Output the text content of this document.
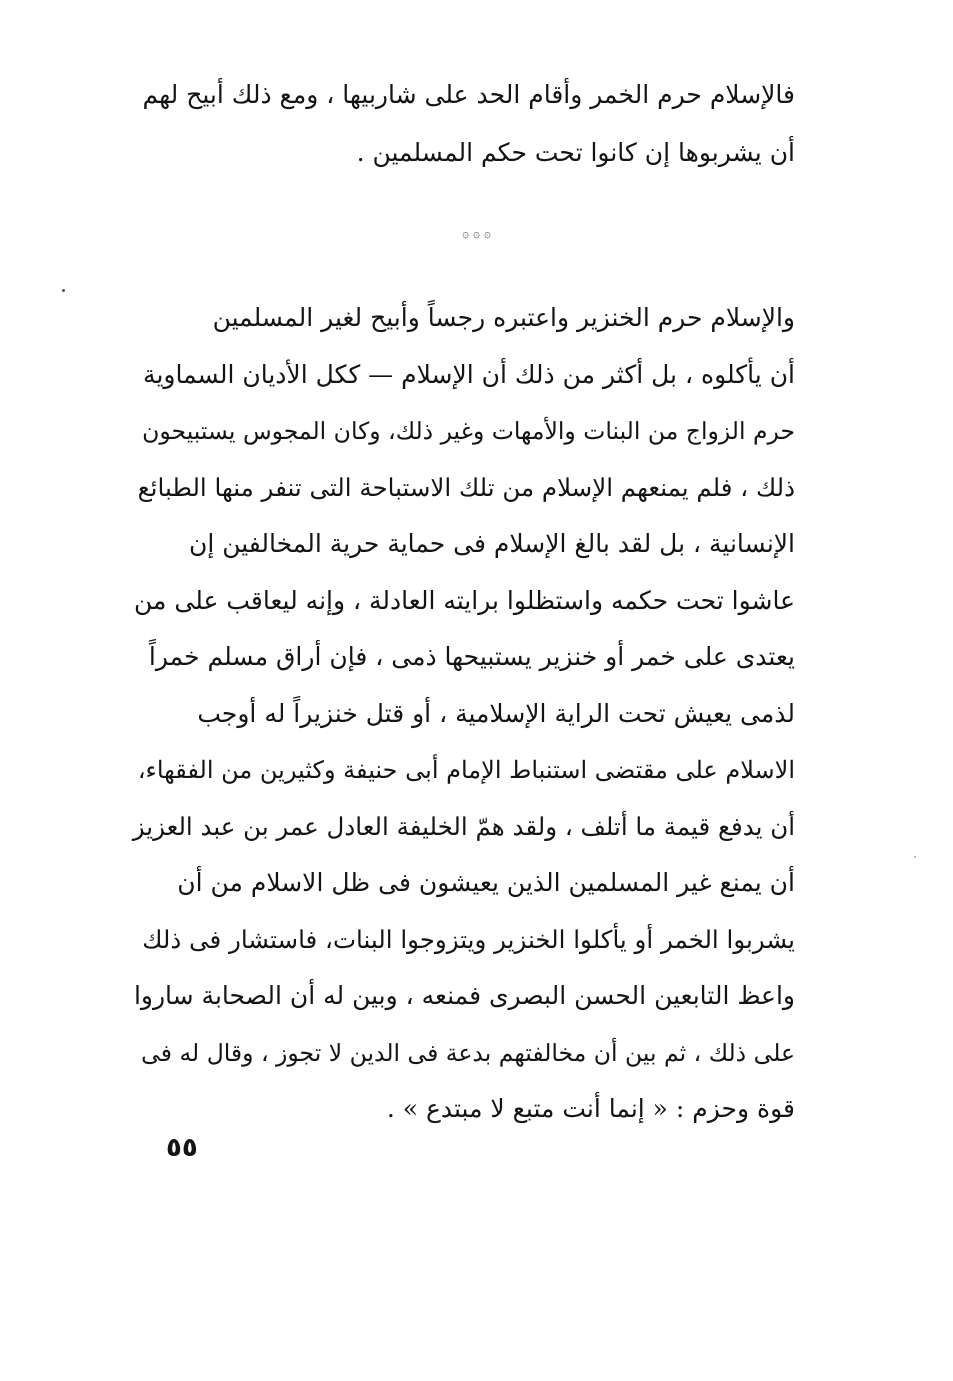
فالإسلام حرم الخمر وأقام الحد على شاربيها ، ومع ذلك أبيح لهم
أن يشربوها إن كانوا تحت حكم المسلمين .
۞ ۞ ۞
والإسلام حرم الخنزير واعتبره رجساً وأبيح لغير المسلمين
أن يأكلوه ، بل أكثر من ذلك أن الإسلام — ككل الأديان السماوية
حرم الزواج من البنات والأمهات وغير ذلك، وكان المجوس يستبيحون
ذلك ، فلم يمنعهم الإسلام من تلك الاستباحة التى تنفر منها الطبائع
الإنسانية ، بل لقد بالغ الإسلام فى حماية حرية المخالفين إن
عاشوا تحت حكمه واستظلوا برايته العادلة ، وإنه ليعاقب على من
يعتدى على خمر أو خنزير يستبيحها ذمى ، فإن أراق مسلم خمراً
لذمى يعيش تحت الراية الإسلامية ، أو قتل خنزيراً له أوجب
الاسلام على مقتضى استنباط الإمام أبى حنيفة وكثيرين من الفقهاء،
أن يدفع قيمة ما أتلف ، ولقد همّ الخليفة العادل عمر بن عبد العزيز
أن يمنع غير المسلمين الذين يعيشون فى ظل الاسلام من أن
يشربوا الخمر أو يأكلوا الخنزير ويتزوجوا البنات، فاستشار فى ذلك
واعظ التابعين الحسن البصرى فمنعه ، وبين له أن الصحابة ساروا
على ذلك ، ثم بين أن مخالفتهم بدعة فى الدين لا تجوز ، وقال له فى
قوة وحزم : « إنما أنت متبع لا مبتدع » .
٥٥
